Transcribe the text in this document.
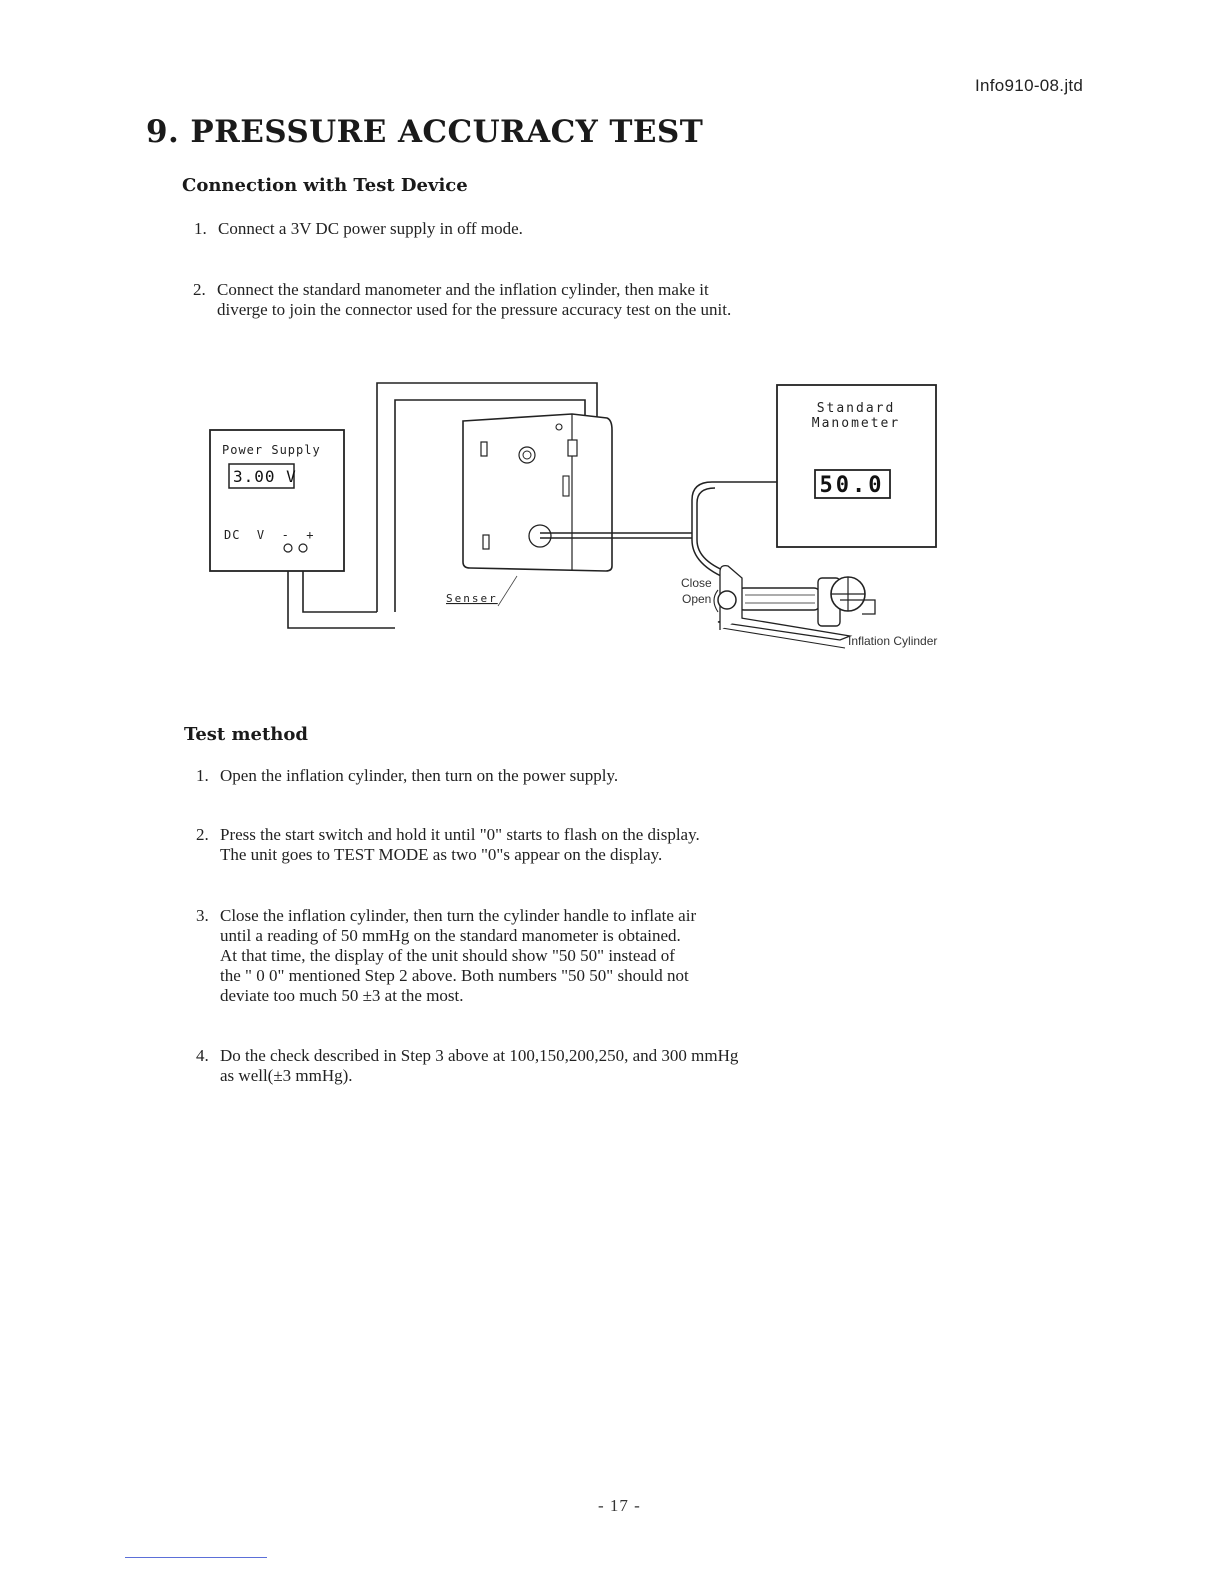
Info910-08.jtd
9. PRESSURE ACCURACY TEST
Connection with Test Device
1. Connect a 3V DC power supply in off mode.
2. Connect the standard manometer and the inflation cylinder, then make it
diverge to join the connector used for the pressure accuracy test on the unit.
Power Supply
3.00 V
DC  V  -  +
Senser
Standard
Manometer
50.0
Close
Open
Inflation Cylinder
Test method
1. Open the inflation cylinder, then turn on the power supply.
2. Press the start switch and hold it until "0" starts to flash on the display.
The unit goes to TEST MODE as two "0"s appear on the display.
3. Close the inflation cylinder, then turn the cylinder handle to inflate air
until a reading of 50 mmHg on the standard manometer is obtained.
At that time, the display of the unit should show "50 50" instead of
the " 0 0" mentioned Step 2 above. Both numbers "50 50" should not
deviate too much 50 ±3 at the most.
4. Do the check described in Step 3 above at 100,150,200,250, and 300 mmHg
as well(±3 mmHg).
- 17 -
